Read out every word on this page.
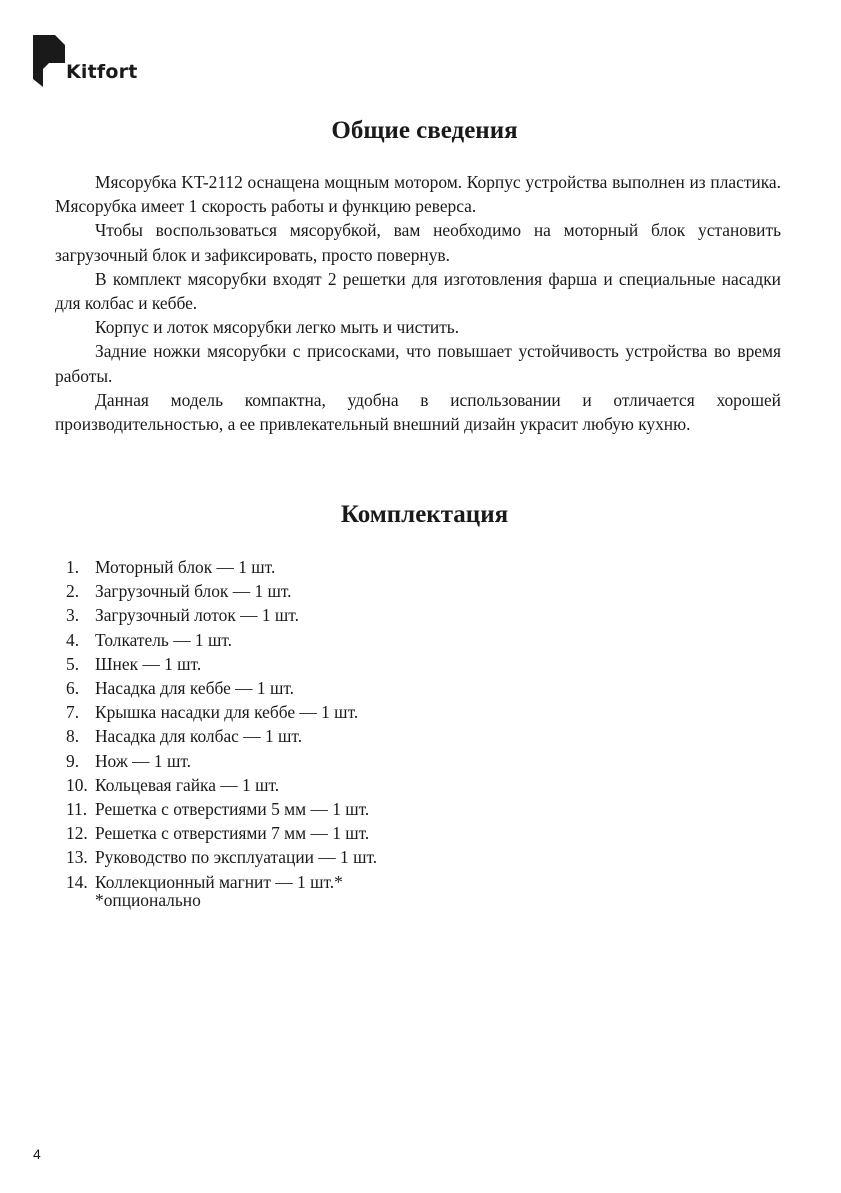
Kitfort
Общие сведения

Мясорубка KT-2112 оснащена мощным мотором. Корпус устройства выполнен из пластика. Мясорубка имеет 1 скорость работы и функцию реверса.

Чтобы воспользоваться мясорубкой, вам необходимо на моторный блок установить загрузочный блок и зафиксировать, просто повернув.

В комплект мясорубки входят 2 решетки для изготовления фарша и специальные насадки для колбас и кеббе.

Корпус и лоток мясорубки легко мыть и чистить.

Задние ножки мясорубки с присосками, что повышает устойчивость устройства во время работы.

Данная модель компактна, удобна в использовании и отличается хорошей производительностью, а ее привлекательный внешний дизайн украсит любую кухню.

Комплектация
1. Моторный блок — 1 шт.
2. Загрузочный блок — 1 шт.
3. Загрузочный лоток — 1 шт.
4. Толкатель — 1 шт.
5. Шнек — 1 шт.
6. Насадка для кеббе — 1 шт.
7. Крышка насадки для кеббе — 1 шт.
8. Насадка для колбас — 1 шт.
9. Нож — 1 шт.
10. Кольцевая гайка — 1 шт.
11. Решетка с отверстиями 5 мм — 1 шт.
12. Решетка с отверстиями 7 мм — 1 шт.
13. Руководство по эксплуатации — 1 шт.
14. Коллекционный магнит — 1 шт.*
*опционально
4
